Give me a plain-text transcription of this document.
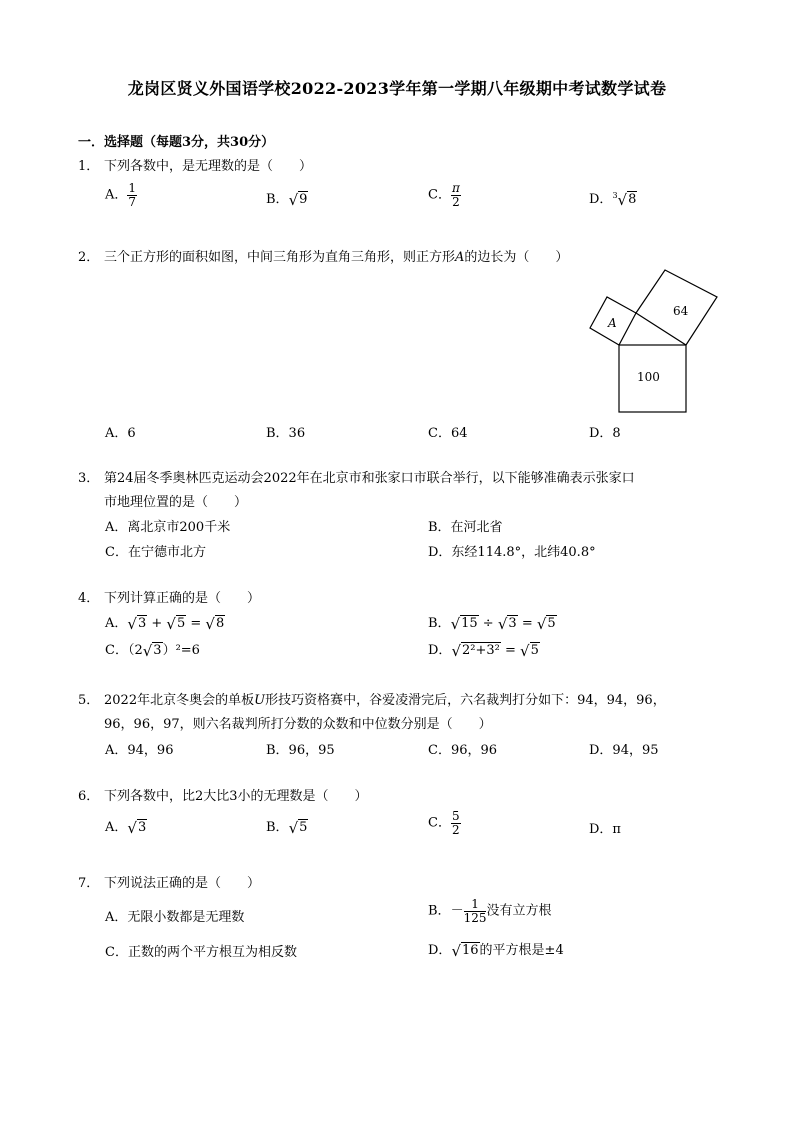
龙岗区贤义外国语学校2022-2023学年第一学期八年级期中考试数学试卷
一．选择题（每题3分，共30分）
1． 下列各数中，是无理数的是（　　）
A． $\frac{1}{7}$	B．√9	C． $\frac{\pi}{2}$	D．$^3$√8
2． 三个正方形的面积如图，中间三角形为直角三角形，则正方形A的边长为（　　）
A
64
100
A．6	B．36	C．64	D．8
3． 第24届冬季奥林匹克运动会2022年在北京市和张家口市联合举行，以下能够准确表示张家口
市地理位置的是（　　）
A．离北京市200千米	B．在河北省
C．在宁德市北方	D．东经114.8°，北纬40.8°
4． 下列计算正确的是（　　）
A．√3 + √5 = √8	B．√15 ÷ √3 = √5
C．（2√3）²=6	D．√2²+3² = √5
5． 2022年北京冬奥会的单板U形技巧资格赛中，谷爱凌滑完后，六名裁判打分如下：94，94，96，
96，96，97，则六名裁判所打分数的众数和中位数分别是（　　）
A．94，96	B．96，95	C．96，96	D．94，95
6． 下列各数中，比2大比3小的无理数是（　　）
A．√3	B．√5	C． $\frac{5}{2}$	D．π
7． 下列说法正确的是（　　）
A．无限小数都是无理数	B．－ $\frac{1}{125}$ 没有立方根
C．正数的两个平方根互为相反数	D．√16的平方根是±4
